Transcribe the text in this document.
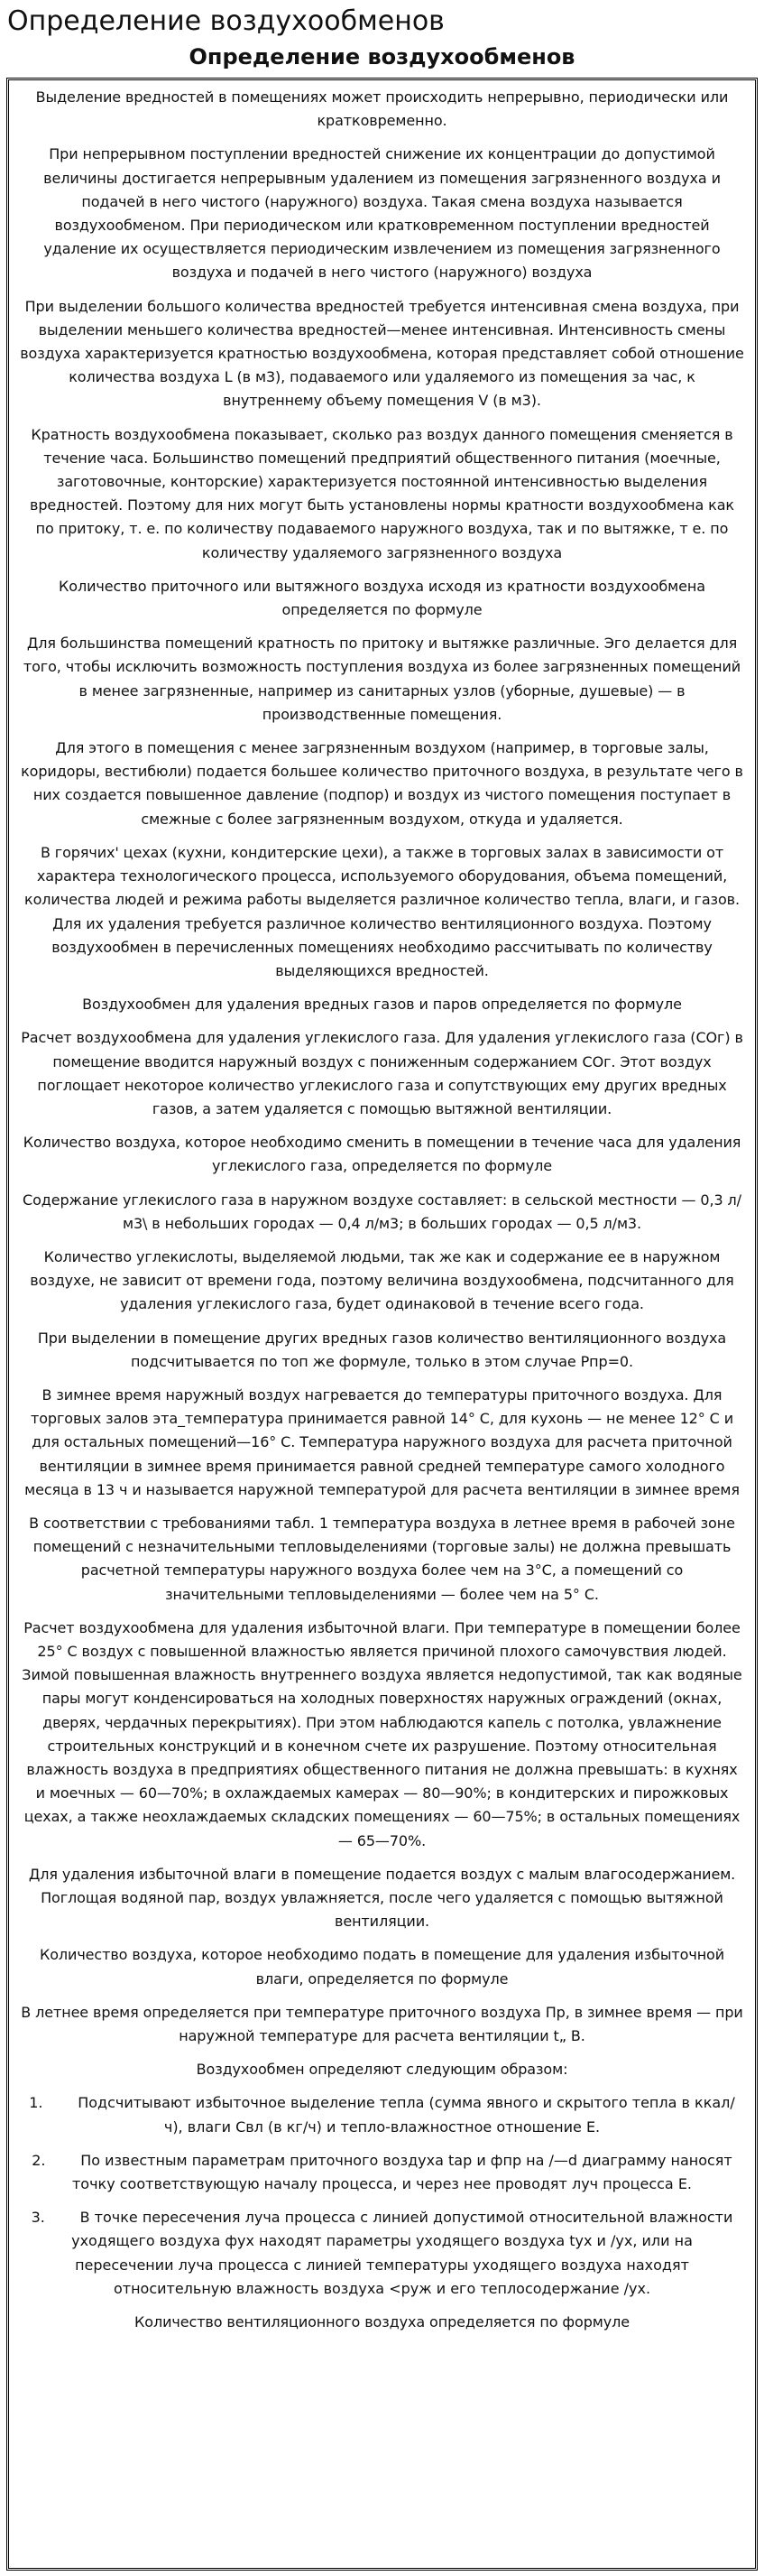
Определение воздухообменов
Определение воздухообменов

Выделение вредностей в помещениях может происходить непрерывно, периодически или кратковременно.

При непрерывном поступлении вредностей снижение их концентрации до допустимой величины достигается непрерывным удалением из помещения загрязненного воздуха и подачей в него чистого (наружного) воздуха. Такая смена воздуха называется воздухообменом. При периодическом или кратковременном поступлении вредностей удаление их осуществляется периодическим извлечением из помещения загрязненного воздуха и подачей в него чистого (наружного) воздуха

При выделении большого количества вредностей требуется интенсивная смена воздуха, при выделении меньшего количества вредностей—менее интенсивная. Интенсивность смены воздуха характеризуется кратностью воздухообмена, которая представляет собой отношение количества воздуха L (в м3), подаваемого или удаляемого из помещения за час, к внутреннему объему помещения V (в м3).

Кратность воздухообмена показывает, сколько раз воздух данного помещения сменяется в течение часа. Большинство помещений предприятий общественного питания (моечные, заготовочные, конторские) характеризуется постоянной интенсивностью выделения вредностей. Поэтому для них могут быть установлены нормы кратности воздухообмена как по притоку, т. е. по количеству подаваемого наружного воздуха, так и по вытяжке, т е. по количеству удаляемого загрязненного воздуха

Количество приточного или вытяжного воздуха исходя из кратности воздухообмена определяется по формуле

Для большинства помещений кратность по притоку и вытяжке различные. Эго делается для того, чтобы исключить возможность поступления воздуха из более загрязненных помещений в менее загрязненные, например из санитарных узлов (уборные, душевые) — в производственные помещения.

Для этого в помещения с менее загрязненным воздухом (например, в торговые залы, коридоры, вестибюли) подается большее количество приточного воздуха, в результате чего в них создается повышенное давление (подпор) и воздух из чистого помещения поступает в смежные с более загрязненным воздухом, откуда и удаляется.

В горячих' цехах (кухни, кондитерские цехи), а также в торговых залах в зависимости от характера технологического процесса, используемого оборудования, объема помещений, количества людей и режима работы выделяется различное количество тепла, влаги, и газов. Для их удаления требуется различное количество вентиляционного воздуха. Поэтому воздухообмен в перечисленных помещениях необходимо рассчитывать по количеству выделяющихся вредностей.

Воздухообмен для удаления вредных газов и паров определяется по формуле

Расчет воздухообмена для удаления углекислого газа. Для удаления углекислого газа (СОг) в помещение вводится наружный воздух с пониженным содержанием СОг. Этот воздух поглощает некоторое количество углекислого газа и сопутствующих ему других вредных газов, а затем удаляется с помощью вытяжной вентиляции.

Количество воздуха, которое необходимо сменить в помещении в течение часа для удаления углекислого газа, определяется по формуле

Содержание углекислого газа в наружном воздухе составляет: в сельской местности — 0,3 л/м3\ в небольших городах — 0,4 л/м3; в больших городах — 0,5 л/м3.

Количество углекислоты, выделяемой людьми, так же как и содержание ее в наружном воздухе, не зависит от времени года, поэтому величина воздухообмена, подсчитанного для удаления углекислого газа, будет одинаковой в течение всего года.

При выделении в помещение других вредных газов количество вентиляционного воздуха подсчитывается по топ же формуле, только в этом случае Рпр=0.

В зимнее время наружный воздух нагревается до температуры приточного воздуха. Для торговых залов эта_температура принимается равной 14° С, для кухонь — не менее 12° С и для остальных помещений—16° С. Температура наружного воздуха для расчета приточной вентиляции в зимнее время принимается равной средней температуре самого холодного месяца в 13 ч и называется наружной температурой для расчета вентиляции в зимнее время

В соответствии с требованиями табл. 1 температура воздуха в летнее время в рабочей зоне помещений с незначительными тепловыделениями (торговые залы) не должна превышать расчетной температуры наружного воздуха более чем на 3°С, а помещений со значительными тепловыделениями — более чем на 5° С.

Расчет воздухообмена для удаления избыточной влаги. При температуре в помещении более 25° С воздух с повышенной влажностью является причиной плохого самочувствия людей. Зимой повышенная влажность внутреннего воздуха является недопустимой, так как водяные пары могут конденсироваться на холодных поверхностях наружных ограждений (окнах, дверях, чердачных перекрытиях). При этом наблюдаются капель с потолка, увлажнение строительных конструкций и в конечном счете их разрушение. Поэтому относительная влажность воздуха в предприятиях общественного питания не должна превышать: в кухнях и моечных — 60—70%; в охлаждаемых камерах — 80—90%; в кондитерских и пирожковых цехах, а также неохлаждаемых складских помещениях — 60—75%; в остальных помещениях — 65—70%.

Для удаления избыточной влаги в помещение подается воздух с малым влагосодержанием. Поглощая водяной пар, воздух увлажняется, после чего удаляется с помощью вытяжной вентиляции.

Количество воздуха, которое необходимо подать в помещение для удаления избыточной влаги, определяется по формуле

В летнее время определяется при температуре приточного воздуха Пр, в зимнее время — при наружной температуре для расчета вентиляции t„ В.

Воздухообмен определяют следующим образом:

1. Подсчитывают избыточное выделение тепла (сумма явного и скрытого тепла в ккал/ч), влаги Свл (в кг/ч) и тепло-влажностное отношение Е.
2. По известным параметрам приточного воздуха tap и фпр на /—d диаграмму наносят точку соответствующую началу процесса, и через нее проводят луч процесса Е.
3. В точке пересечения луча процесса с линией допустимой относительной влажности уходящего воздуха фух находят параметры уходящего воздуха tyx и /ух, или на пересечении луча процесса с линией температуры уходящего воздуха находят относительную влажность воздуха <руж и его теплосодержание /ух.

Количество вентиляционного воздуха определяется по формуле
